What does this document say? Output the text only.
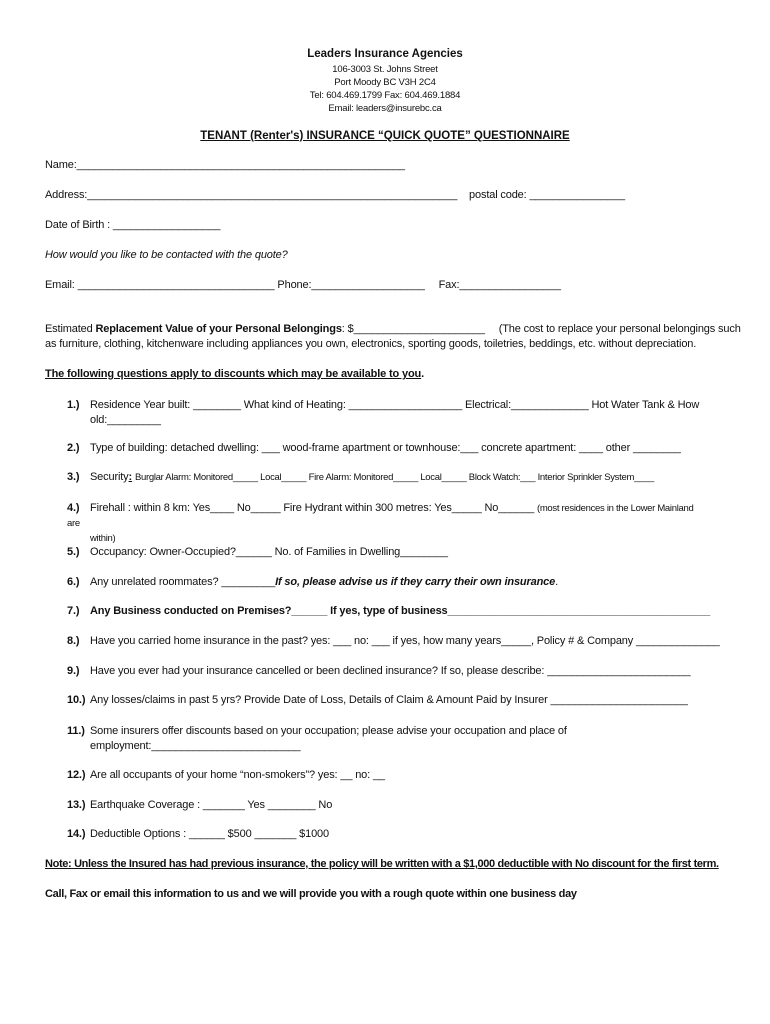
Leaders Insurance Agencies
106-3003 St. Johns Street
Port Moody BC V3H 2C4
Tel: 604.469.1799 Fax: 604.469.1884
Email: leaders@insurebc.ca
TENANT (Renter's) INSURANCE “QUICK QUOTE” QUESTIONNAIRE
Name:_______________________________________________________
Address:______________________________________________________________ postal code: ________________
Date of Birth : __________________
How would you like to be contacted with the quote?
Email: _________________________________ Phone:___________________ Fax:_________________
Estimated Replacement Value of your Personal Belongings: $______________________ (The cost to replace your personal belongings such
as furniture, clothing, kitchenware including appliances you own, electronics, sporting goods, toiletries, beddings, etc. without depreciation.
The following questions apply to discounts which may be available to you.
1.) Residence Year built: ________ What kind of Heating: ___________________ Electrical:_____________ Hot Water Tank & How
old:_________
2.) Type of building: detached dwelling: ___ wood-frame apartment or townhouse:___ concrete apartment: ____ other ________
3.) Security: Burglar Alarm: Monitored_____ Local_____ Fire Alarm: Monitored_____ Local_____ Block Watch:___ Interior Sprinkler System____
4.) Firehall : within 8 km: Yes____ No_____ Fire Hydrant within 300 metres: Yes_____ No______ (most residences in the Lower Mainland are
within)
5.) Occupancy: Owner-Occupied?______ No. of Families in Dwelling________
6.) Any unrelated roommates? _________If so, please advise us if they carry their own insurance.
7.) Any Business conducted on Premises?______ If yes, type of business____________________________________________
8.) Have you carried home insurance in the past? yes: ___ no: ___ if yes, how many years_____, Policy # & Company ______________
9.) Have you ever had your insurance cancelled or been declined insurance? If so, please describe: ________________________
10.) Any losses/claims in past 5 yrs? Provide Date of Loss, Details of Claim & Amount Paid by Insurer _______________________
11.) Some insurers offer discounts based on your occupation; please advise your occupation and place of
employment:_________________________
12.) Are all occupants of your home “non-smokers”? yes: __ no: __
13.) Earthquake Coverage : _______ Yes ________ No
14.) Deductible Options : ______ $500 _______ $1000
Note: Unless the Insured has had previous insurance, the policy will be written with a $1,000 deductible with No discount for the first term.
Call, Fax or email this information to us and we will provide you with a rough quote within one business day
